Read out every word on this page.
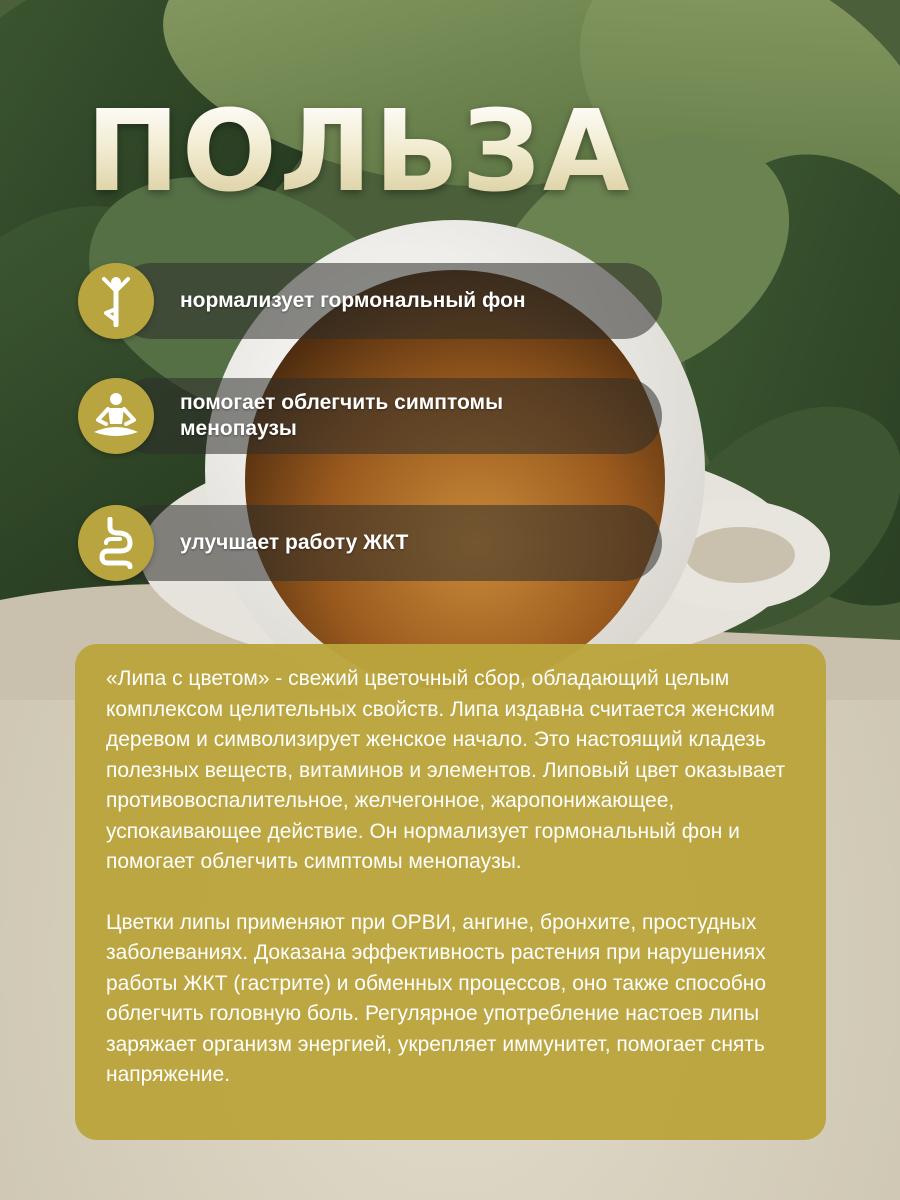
ПОЛЬЗА
нормализует гормональный фон
помогает облегчить симптомы менопаузы
улучшает работу ЖКТ

«Липа с цветом» - свежий цветочный сбор, обладающий целым комплексом целительных свойств. Липа издавна считается женским деревом и символизирует женское начало. Это настоящий кладезь полезных веществ, витаминов и элементов. Липовый цвет оказывает противовоспалительное, желчегонное, жаропонижающее, успокаивающее действие. Он нормализует гормональный фон и помогает облегчить симптомы менопаузы.

Цветки липы применяют при ОРВИ, ангине, бронхите, простудных заболеваниях. Доказана эффективность растения при нарушениях работы ЖКТ (гастрите) и обменных процессов, оно также способно облегчить головную боль. Регулярное употребление настоев липы заряжает организм энергией, укрепляет иммунитет, помогает снять напряжение.
